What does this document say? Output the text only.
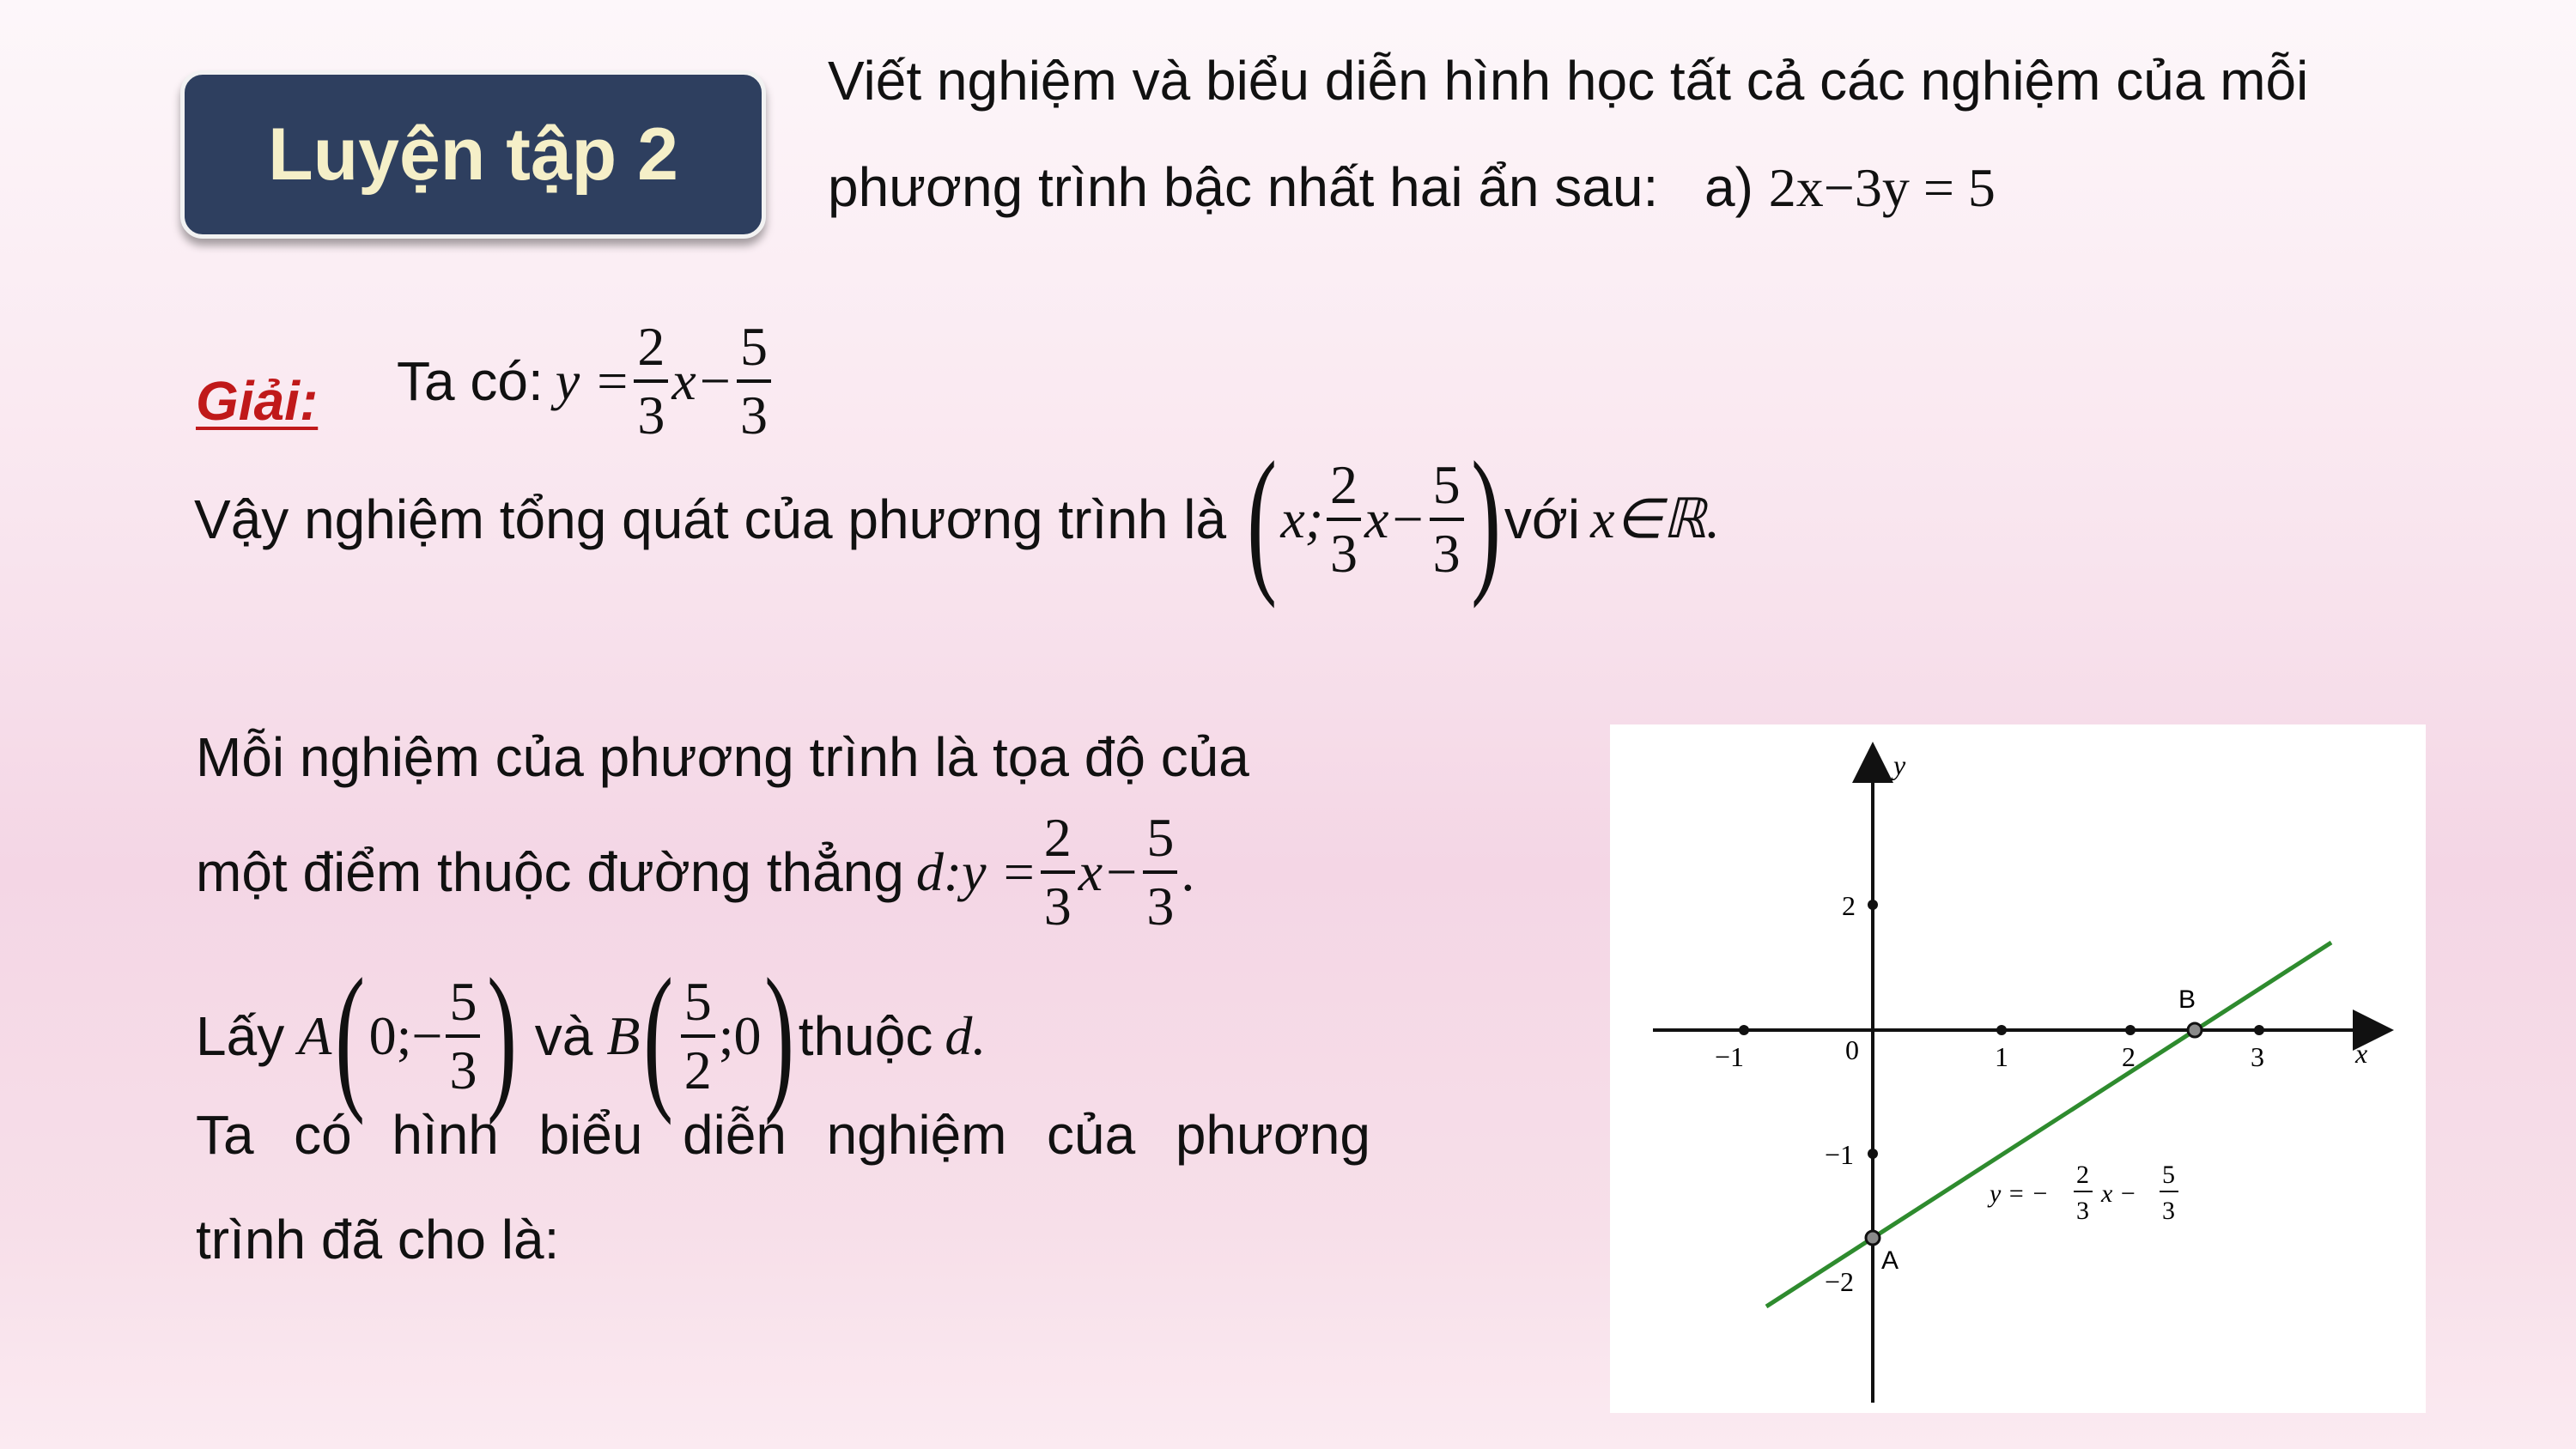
Luyện tập 2
Viết nghiệm và biểu diễn hình học tất cả các nghiệm của mỗi
phương trình bậc nhất hai ẩn sau: a) 2x−3y = 5
Giải: Ta có: $y = \frac{2}{3} x- \frac{5}{3}$
Vậy nghiệm tổng quát của phương trình là ( x; $\frac{2}{3} x- \frac{5}{3}$ ) với x∈ℝ.
Mỗi nghiệm của phương trình là tọa độ của
một điểm thuộc đường thẳng d:y = $\frac{2}{3} x- \frac{5}{3}$ .
Lấy A ( 0;− $\frac{5}{3}$ ) và B ( $\frac{5}{2}$ ;0 ) thuộc d.
Ta có hình biểu diễn nghiệm của phương
trình đã cho là:
x
y
0
−1	1	2	3
2
−1
−2
A
B
y = −
2
3
x −
5
3
